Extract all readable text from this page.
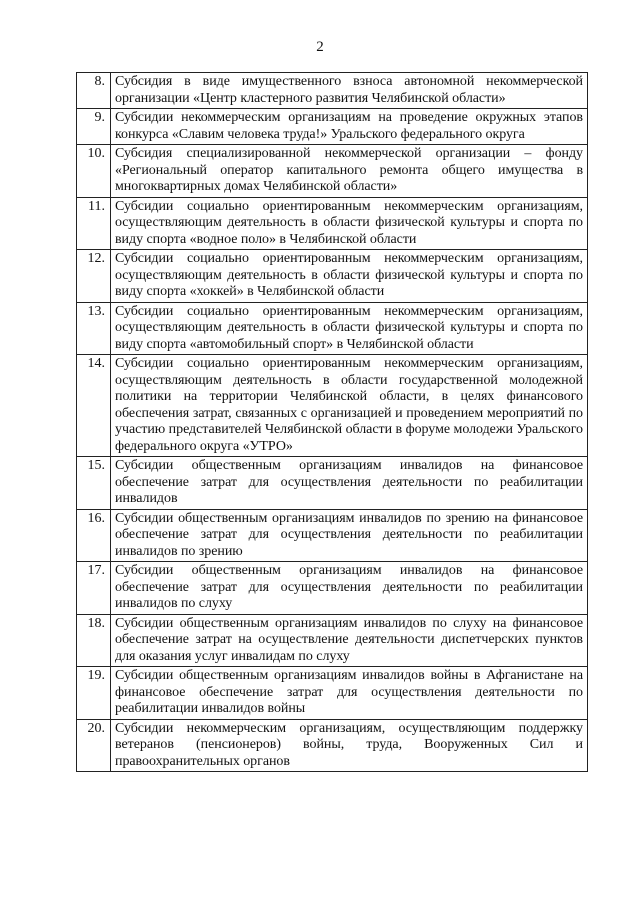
2
8.	Субсидия в виде имущественного взноса автономной некоммерческой организации «Центр кластерного развития Челябинской области»
9.	Субсидии некоммерческим организациям на проведение окружных этапов конкурса «Славим человека труда!» Уральского федерального округа
10.	Субсидия специализированной некоммерческой организации – фонду «Региональный оператор капитального ремонта общего имущества в многоквартирных домах Челябинской области»
11.	Субсидии социально ориентированным некоммерческим организациям, осуществляющим деятельность в области физической культуры и спорта по виду спорта «водное поло» в Челябинской области
12.	Субсидии социально ориентированным некоммерческим организациям, осуществляющим деятельность в области физической культуры и спорта по виду спорта «хоккей» в Челябинской области
13.	Субсидии социально ориентированным некоммерческим организациям, осуществляющим деятельность в области физической культуры и спорта по виду спорта «автомобильный спорт» в Челябинской области
14.	Субсидии социально ориентированным некоммерческим организациям, осуществляющим деятельность в области государственной молодежной политики на территории Челябинской области, в целях финансового обеспечения затрат, связанных с организацией и проведением мероприятий по участию представителей Челябинской области в форуме молодежи Уральского федерального округа «УТРО»
15.	Субсидии общественным организациям инвалидов на финансовое обеспечение затрат для осуществления деятельности по реабилитации инвалидов
16.	Субсидии общественным организациям инвалидов по зрению на финансовое обеспечение затрат для осуществления деятельности по реабилитации инвалидов по зрению
17.	Субсидии общественным организациям инвалидов на финансовое обеспечение затрат для осуществления деятельности по реабилитации инвалидов по слуху
18.	Субсидии общественным организациям инвалидов по слуху на финансовое обеспечение затрат на осуществление деятельности диспетчерских пунктов для оказания услуг инвалидам по слуху
19.	Субсидии общественным организациям инвалидов войны в Афганистане на финансовое обеспечение затрат для осуществления деятельности по реабилитации инвалидов войны
20.	Субсидии некоммерческим организациям, осуществляющим поддержку ветеранов (пенсионеров) войны, труда, Вооруженных Сил и правоохранительных органов
